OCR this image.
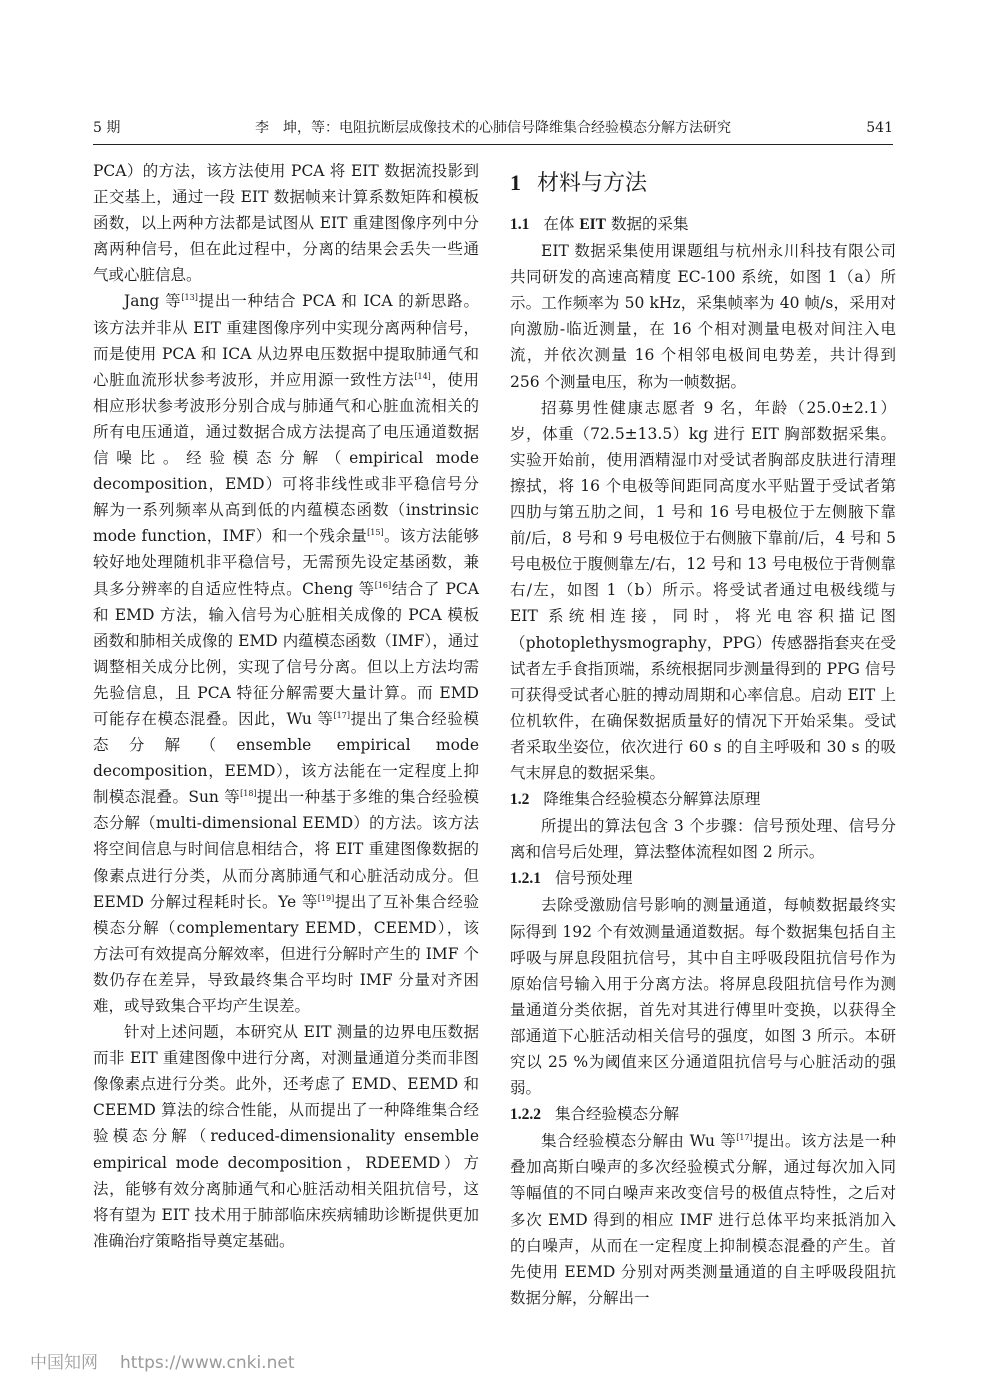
5 期	李　坤，等：电阻抗断层成像技术的心肺信号降维集合经验模态分解方法研究	541

PCA）的方法，该方法使用 PCA 将 EIT 数据流投影到正交基上，通过一段 EIT 数据帧来计算系数矩阵和模板函数，以上两种方法都是试图从 EIT 重建图像序列中分离两种信号，但在此过程中，分离的结果会丢失一些通气或心脏信息。

Jang 等[13]提出一种结合 PCA 和 ICA 的新思路。该方法并非从 EIT 重建图像序列中实现分离两种信号，而是使用 PCA 和 ICA 从边界电压数据中提取肺通气和心脏血流形状参考波形，并应用源一致性方法[14]，使用相应形状参考波形分别合成与肺通气和心脏血流相关的所有电压通道，通过数据合成方法提高了电压通道数据信噪比。经验模态分解（empirical mode decomposition，EMD）可将非线性或非平稳信号分解为一系列频率从高到低的内蕴模态函数（instrinsic mode function，IMF）和一个残余量[15]。该方法能够较好地处理随机非平稳信号，无需预先设定基函数，兼具多分辨率的自适应性特点。Cheng 等[16]结合了 PCA 和 EMD 方法，输入信号为心脏相关成像的 PCA 模板函数和肺相关成像的 EMD 内蕴模态函数（IMF），通过调整相关成分比例，实现了信号分离。但以上方法均需先验信息，且 PCA 特征分解需要大量计算。而 EMD 可能存在模态混叠。因此，Wu 等[17]提出了集合经验模态分解（ensemble empirical mode decomposition，EEMD），该方法能在一定程度上抑制模态混叠。Sun 等[18]提出一种基于多维的集合经验模态分解（multi-dimensional EEMD）的方法。该方法将空间信息与时间信息相结合，将 EIT 重建图像数据的像素点进行分类，从而分离肺通气和心脏活动成分。但 EEMD 分解过程耗时长。Ye 等[19]提出了互补集合经验模态分解（complementary EEMD，CEEMD），该方法可有效提高分解效率，但进行分解时产生的 IMF 个数仍存在差异，导致最终集合平均时 IMF 分量对齐困难，或导致集合平均产生误差。

针对上述问题，本研究从 EIT 测量的边界电压数据而非 EIT 重建图像中进行分离，对测量通道分类而非图像像素点进行分类。此外，还考虑了 EMD、EEMD 和 CEEMD 算法的综合性能，从而提出了一种降维集合经验模态分解（reduced-dimensionality ensemble empirical mode decomposition，RDEEMD）方法，能够有效分离肺通气和心脏活动相关阻抗信号，这将有望为 EIT 技术用于肺部临床疾病辅助诊断提供更加准确治疗策略指导奠定基础。

1 材料与方法
1.1 在体 EIT 数据的采集

EIT 数据采集使用课题组与杭州永川科技有限公司共同研发的高速高精度 EC-100 系统，如图 1（a）所示。工作频率为 50 kHz，采集帧率为 40 帧/s，采用对向激励-临近测量，在 16 个相对测量电极对间注入电流，并依次测量 16 个相邻电极间电势差，共计得到 256 个测量电压，称为一帧数据。

招募男性健康志愿者 9 名，年龄（25.0±2.1）岁，体重（72.5±13.5）kg 进行 EIT 胸部数据采集。实验开始前，使用酒精湿巾对受试者胸部皮肤进行清理擦拭，将 16 个电极等间距同高度水平贴置于受试者第四肋与第五肋之间，1 号和 16 号电极位于左侧腋下靠前/后，8 号和 9 号电极位于右侧腋下靠前/后，4 号和 5 号电极位于腹侧靠左/右，12 号和 13 号电极位于背侧靠右/左，如图 1（b）所示。将受试者通过电极线缆与 EIT 系统相连接，同时，将光电容积描记图（photoplethysmography，PPG）传感器指套夹在受试者左手食指顶端，系统根据同步测量得到的 PPG 信号可获得受试者心脏的搏动周期和心率信息。启动 EIT 上位机软件，在确保数据质量好的情况下开始采集。受试者采取坐姿位，依次进行 60 s 的自主呼吸和 30 s 的吸气末屏息的数据采集。

1.2 降维集合经验模态分解算法原理

所提出的算法包含 3 个步骤：信号预处理、信号分离和信号后处理，算法整体流程如图 2 所示。

1.2.1 信号预处理

去除受激励信号影响的测量通道，每帧数据最终实际得到 192 个有效测量通道数据。每个数据集包括自主呼吸与屏息段阻抗信号，其中自主呼吸段阻抗信号作为原始信号输入用于分离方法。将屏息段阻抗信号作为测量通道分类依据，首先对其进行傅里叶变换，以获得全部通道下心脏活动相关信号的强度，如图 3 所示。本研究以 25 %为阈值来区分通道阻抗信号与心脏活动的强弱。

1.2.2 集合经验模态分解

集合经验模态分解由 Wu 等[17]提出。该方法是一种叠加高斯白噪声的多次经验模式分解，通过每次加入同等幅值的不同白噪声来改变信号的极值点特性，之后对多次 EMD 得到的相应 IMF 进行总体平均来抵消加入的白噪声，从而在一定程度上抑制模态混叠的产生。首先使用 EEMD 分别对两类测量通道的自主呼吸段阻抗数据分解，分解出一

中国知网 https://www.cnki.net
